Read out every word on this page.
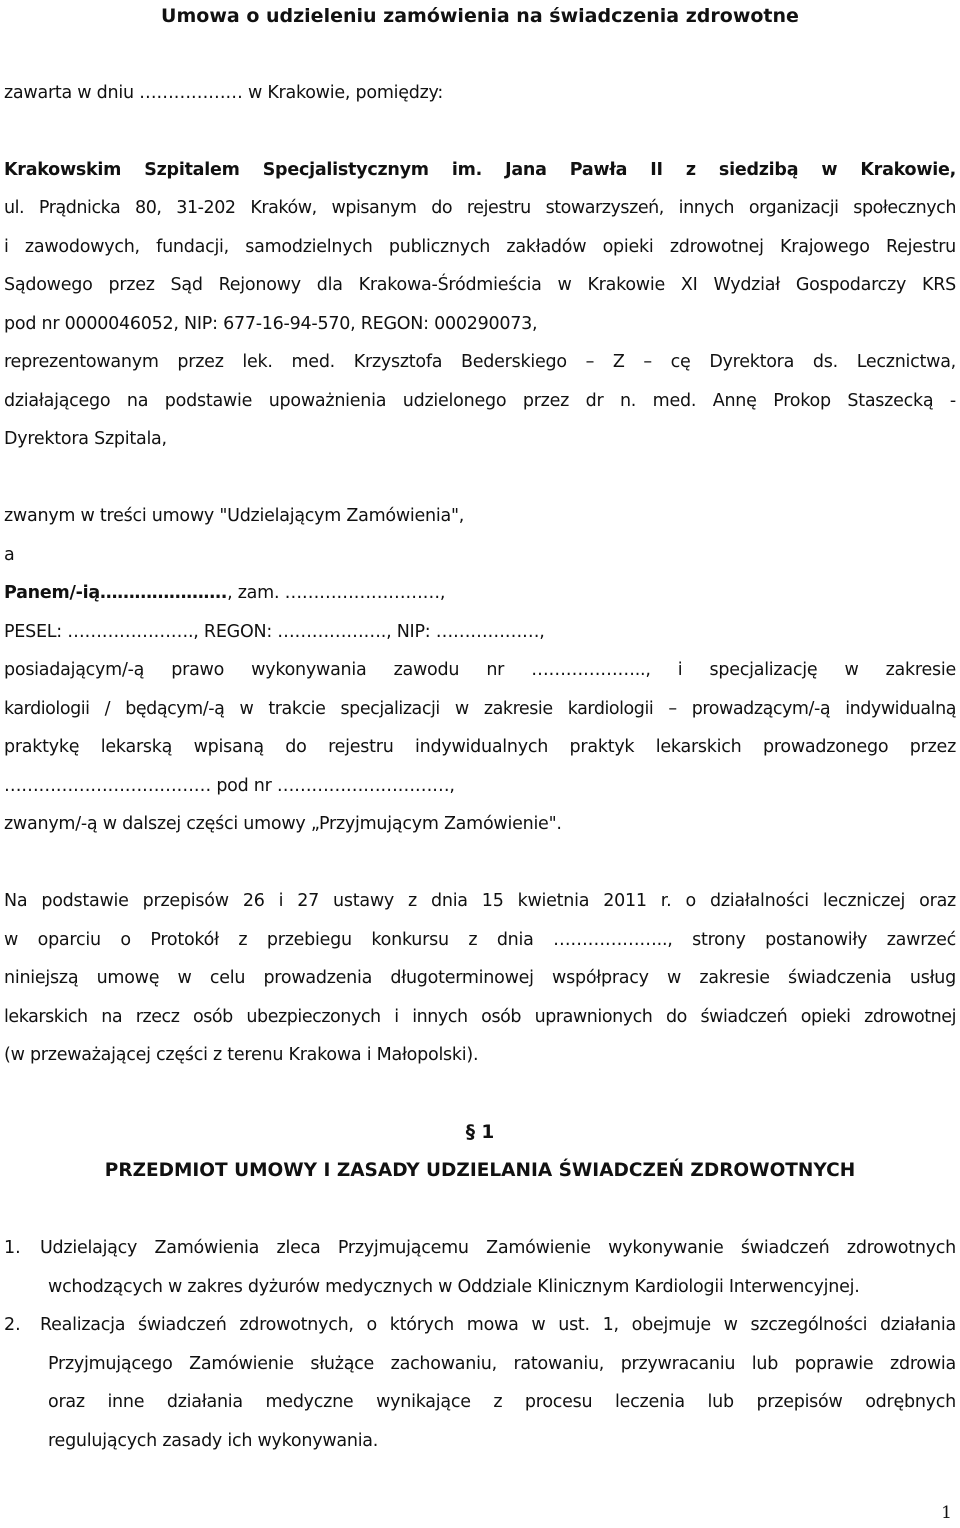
Umowa o udzieleniu zamówienia na świadczenia zdrowotne
zawarta w dniu ……………… w Krakowie, pomiędzy:
Krakowskim Szpitalem Specjalistycznym im. Jana Pawła II z siedzibą w Krakowie,
ul. Prądnicka 80, 31-202 Kraków, wpisanym do rejestru stowarzyszeń, innych organizacji społecznych
i zawodowych, fundacji, samodzielnych publicznych zakładów opieki zdrowotnej Krajowego Rejestru
Sądowego przez Sąd Rejonowy dla Krakowa-Śródmieścia w Krakowie XI Wydział Gospodarczy KRS
pod nr 0000046052, NIP: 677-16-94-570, REGON: 000290073,
reprezentowanym przez lek. med. Krzysztofa Bederskiego – Z – cę Dyrektora ds. Lecznictwa,
działającego na podstawie upoważnienia udzielonego przez dr n. med. Annę Prokop Staszecką -
Dyrektora Szpitala,
zwanym w treści umowy "Udzielającym Zamówienia",
a
Panem/-ią…………………., zam. ………………………,
PESEL: …………………., REGON: ………………., NIP: ………………,
posiadającym/-ą prawo wykonywania zawodu nr ……………….., i specjalizację w zakresie
kardiologii / będącym/-ą w trakcie specjalizacji w zakresie kardiologii – prowadzącym/-ą indywidualną
praktykę lekarską wpisaną do rejestru indywidualnych praktyk lekarskich prowadzonego przez
……………………………… pod nr …………………………,
zwanym/-ą w dalszej części umowy „Przyjmującym Zamówienie".
Na podstawie przepisów 26 i 27 ustawy z dnia 15 kwietnia 2011 r. o działalności leczniczej oraz
w oparciu o Protokół z przebiegu konkursu z dnia ……………….., strony postanowiły zawrzeć
niniejszą umowę w celu prowadzenia długoterminowej współpracy w zakresie świadczenia usług
lekarskich na rzecz osób ubezpieczonych i innych osób uprawnionych do świadczeń opieki zdrowotnej
(w przeważającej części z terenu Krakowa i Małopolski).
§ 1
PRZEDMIOT UMOWY I ZASADY UDZIELANIA ŚWIADCZEŃ ZDROWOTNYCH
1. Udzielający Zamówienia zleca Przyjmującemu Zamówienie wykonywanie świadczeń zdrowotnych
wchodzących w zakres dyżurów medycznych w Oddziale Klinicznym Kardiologii Interwencyjnej.
2. Realizacja świadczeń zdrowotnych, o których mowa w ust. 1, obejmuje w szczególności działania
Przyjmującego Zamówienie służące zachowaniu, ratowaniu, przywracaniu lub poprawie zdrowia
oraz inne działania medyczne wynikające z procesu leczenia lub przepisów odrębnych
regulujących zasady ich wykonywania.
1
